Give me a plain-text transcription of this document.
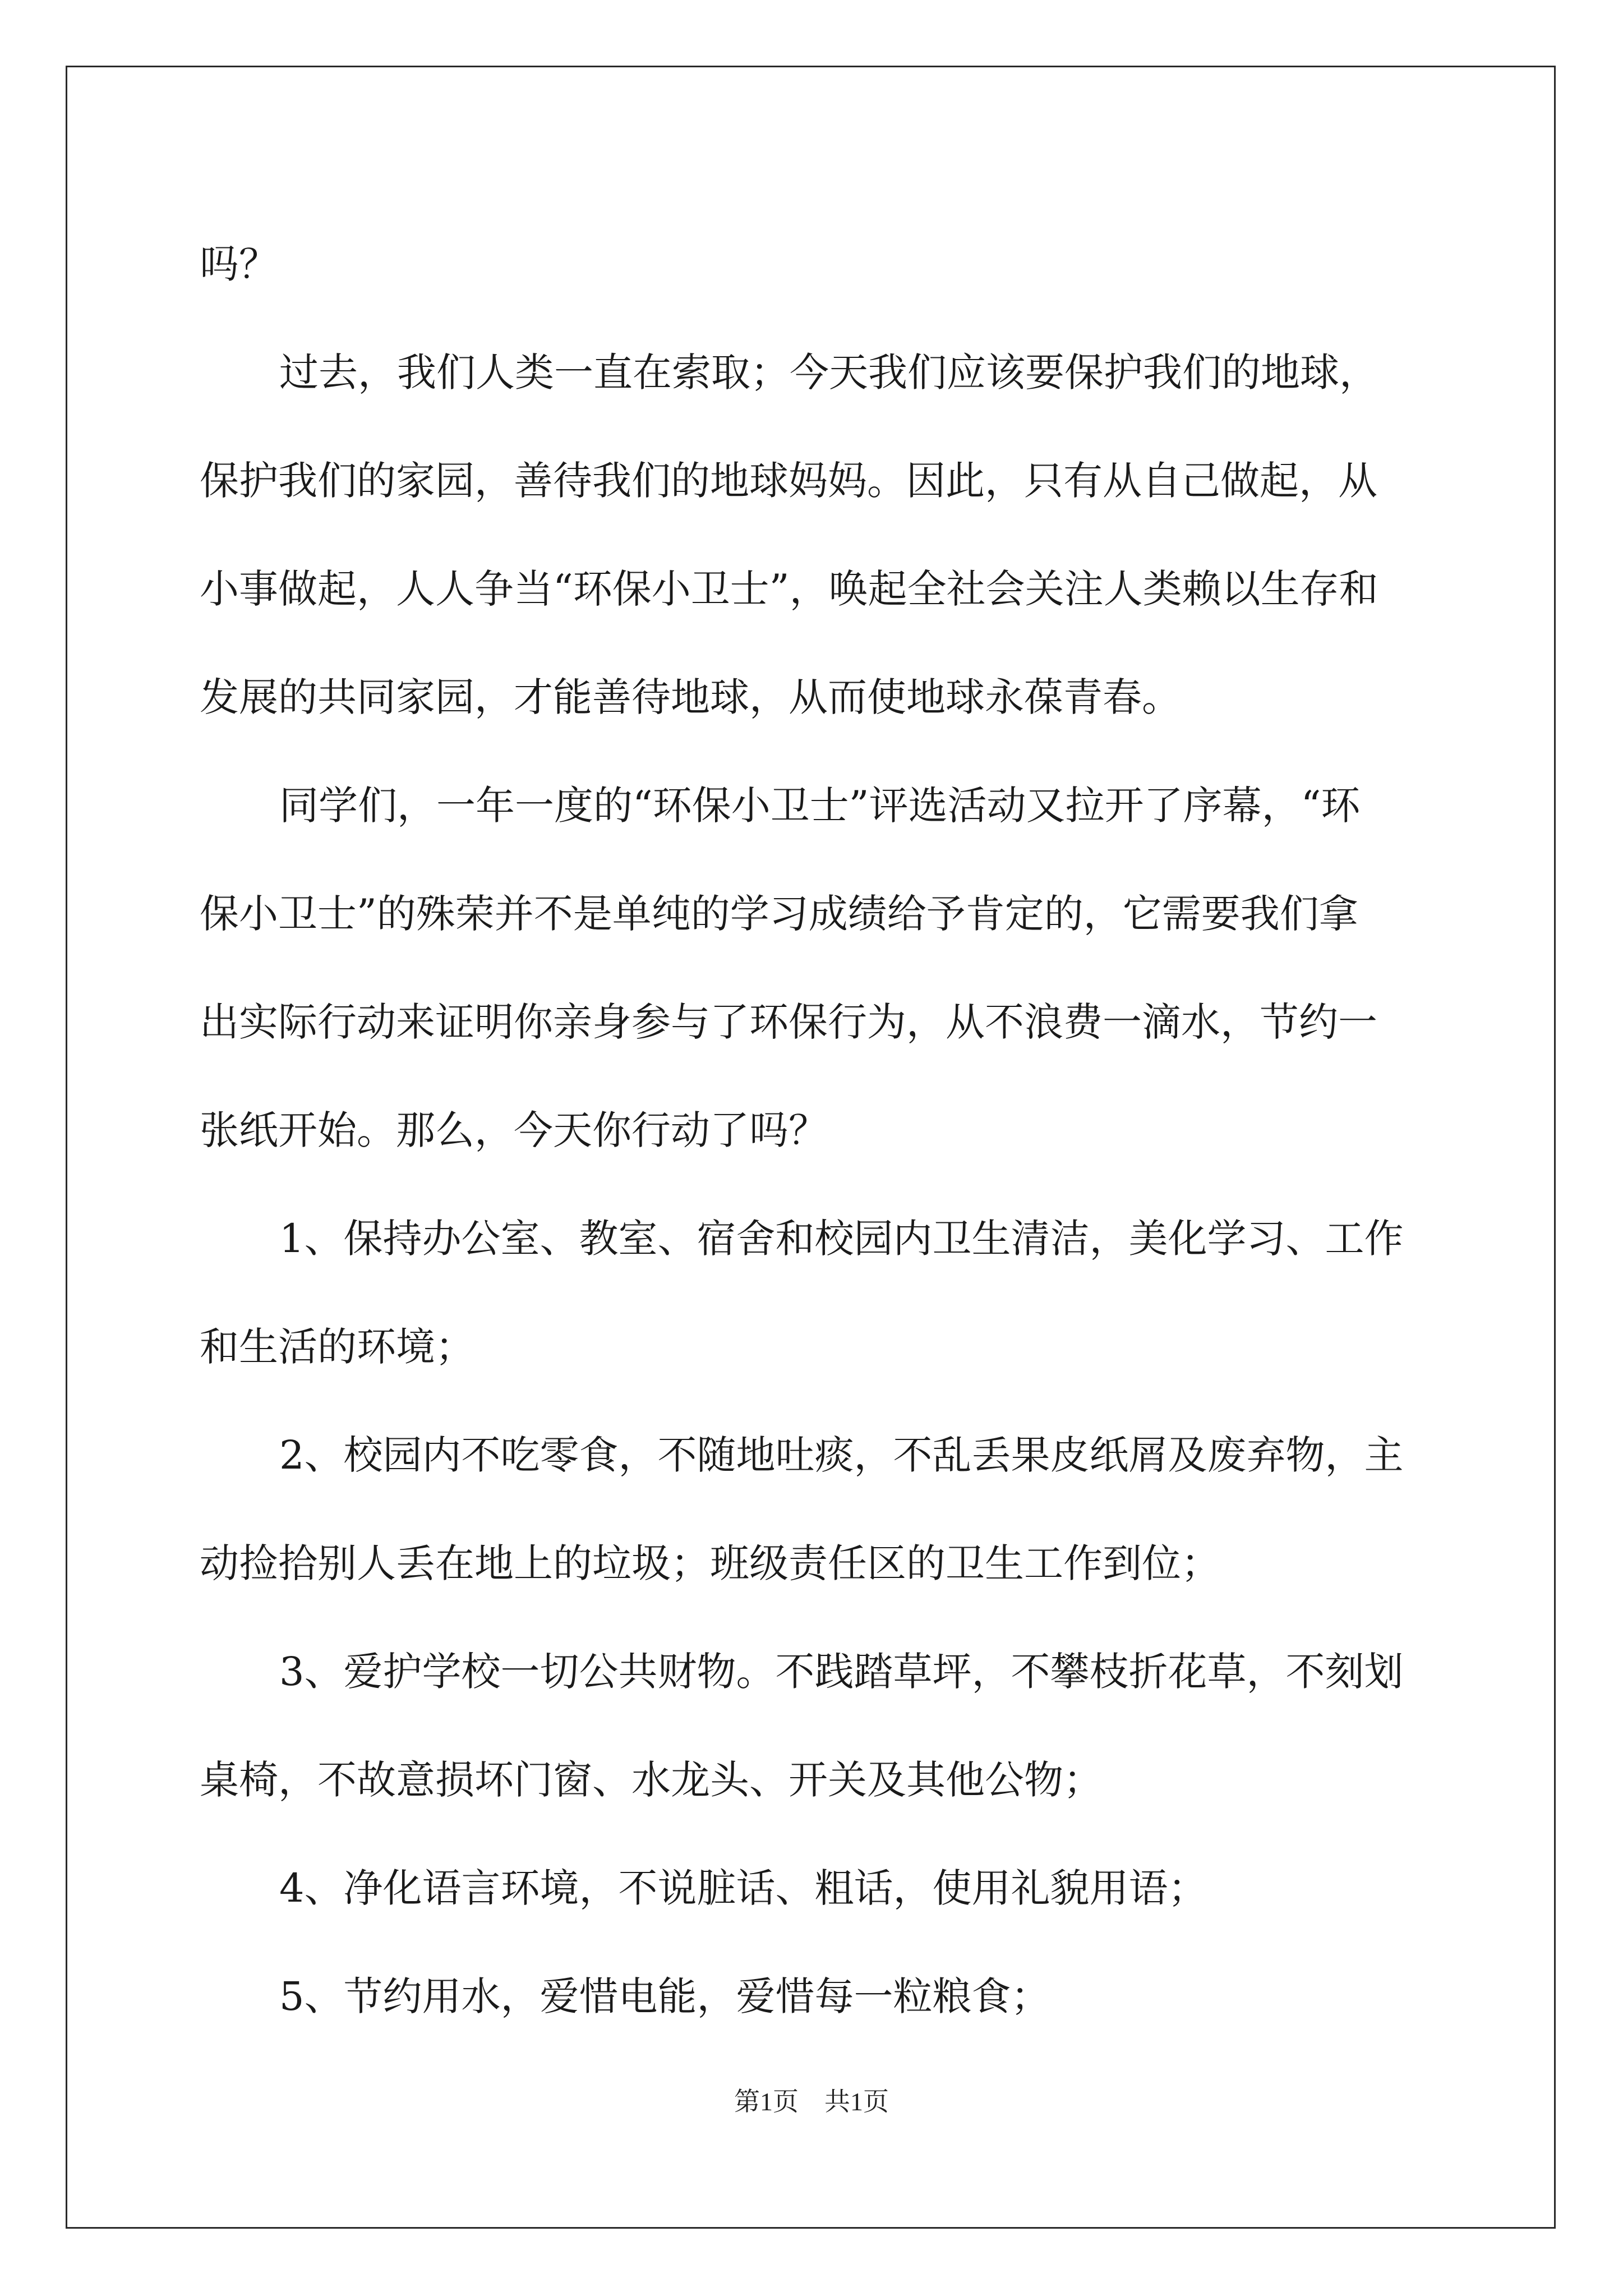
吗？
过去，我们人类一直在索取；今天我们应该要保护我们的地球，
保护我们的家园，善待我们的地球妈妈。因此，只有从自己做起，从
小事做起，人人争当“环保小卫士”，唤起全社会关注人类赖以生存和
发展的共同家园，才能善待地球，从而使地球永葆青春。
同学们，一年一度的“环保小卫士”评选活动又拉开了序幕，“环
保小卫士”的殊荣并不是单纯的学习成绩给予肯定的，它需要我们拿
出实际行动来证明你亲身参与了环保行为，从不浪费一滴水，节约一
张纸开始。那么，今天你行动了吗？
1、保持办公室、教室、宿舍和校园内卫生清洁，美化学习、工作
和生活的环境；
2、校园内不吃零食，不随地吐痰，不乱丢果皮纸屑及废弃物，主
动捡拾别人丢在地上的垃圾；班级责任区的卫生工作到位；
3、爱护学校一切公共财物。不践踏草坪，不攀枝折花草，不刻划
桌椅，不故意损坏门窗、水龙头、开关及其他公物；
4、净化语言环境，不说脏话、粗话，使用礼貌用语；
5、节约用水，爱惜电能，爱惜每一粒粮食；
第1页　共1页
